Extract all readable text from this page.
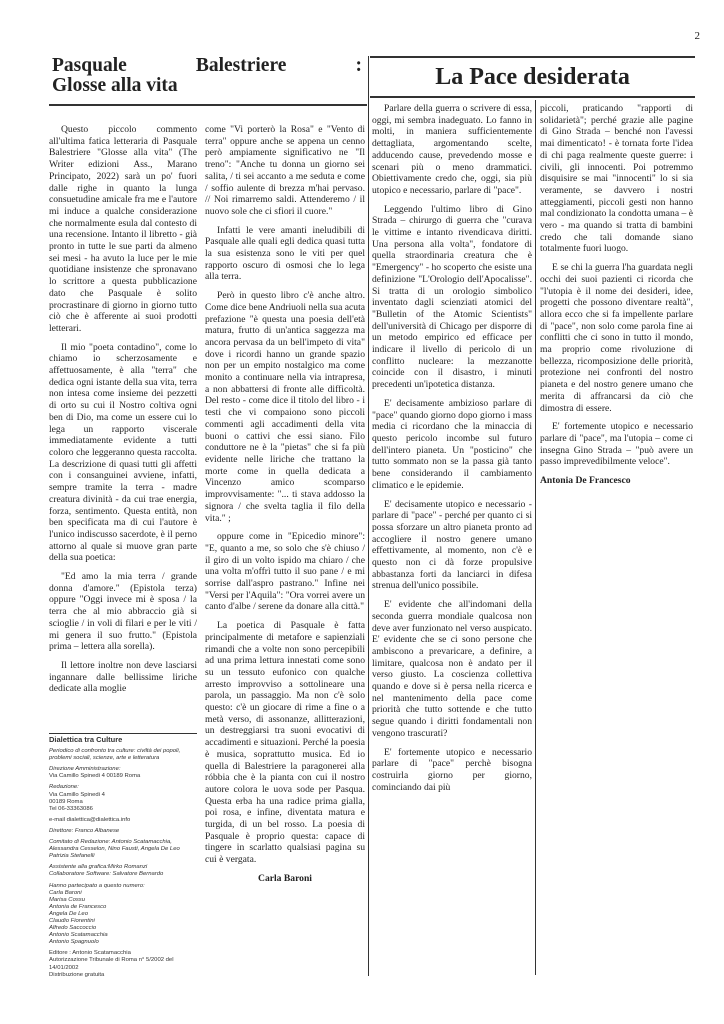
2
Pasquale	Balestriere	:
Glosse alla vita	La Pace desiderata

Questo piccolo commento all'ultima fatica letteraria di Pasquale Balestriere "Glosse alla vita" (The Writer edizioni Ass., Marano Principato, 2022) sarà un po' fuori dalle righe in quanto la lunga consuetudine amicale fra me e l'autore mi induce a qualche considerazione che normalmente esula dal contesto di una recensione. Intanto il libretto - già pronto in tutte le sue parti da almeno sei mesi - ha avuto la luce per le mie quotidiane insistenze che spronavano lo scrittore a questa pubblicazione dato che Pasquale è solito procrastinare di giorno in giorno tutto ciò che è afferente ai suoi prodotti letterari.

Il mio "poeta contadino", come lo chiamo io scherzosamente e affettuosamente, è alla "terra" che dedica ogni istante della sua vita, terra non intesa come insieme dei pezzetti di orto su cui il Nostro coltiva ogni ben di Dio, ma come un essere cui lo lega un rapporto viscerale immediatamente evidente a tutti coloro che leggeranno questa raccolta. La descrizione di quasi tutti gli affetti con i consanguinei avviene, infatti, sempre tramite la terra - madre creatura divinità - da cui trae energia, forza, sentimento. Questa entità, non ben specificata ma di cui l'autore è l'unico indiscusso sacerdote, è il perno attorno al quale si muove gran parte della sua poetica:

"Ed amo la mia terra / grande donna d'amore." (Epistola terza) oppure "Oggi invece mi è sposa / la terra che al mio abbraccio già si scioglie / in voli di filari e per le viti / mi genera il suo frutto." (Epistola prima – lettera alla sorella).

Il lettore inoltre non deve lasciarsi ingannare dalle bellissime liriche dedicate alla moglie

come "Vi porterò la Rosa" e "Vento di terra" oppure anche se appena un cenno però ampiamente significativo ne "Il treno": "Anche tu donna un giorno sei salita, / ti sei accanto a me seduta e come / soffio aulente di brezza m'hai pervaso. // Noi rimarremo saldi. Attenderemo / il nuovo sole che ci sfiori il cuore."

Infatti le vere amanti ineludibili di Pasquale alle quali egli dedica quasi tutta la sua esistenza sono le viti per quel rapporto oscuro di osmosi che lo lega alla terra.

Però in questo libro c'è anche altro. Come dice bene Andriuoli nella sua acuta prefazione "è questa una poesia dell'età matura, frutto di un'antica saggezza ma ancora pervasa da un bell'impeto di vita" dove i ricordi hanno un grande spazio non per un empito nostalgico ma come monito a continuare nella via intrapresa, a non abbattersi di fronte alle difficoltà. Del resto - come dice il titolo del libro - i testi che vi compaiono sono piccoli commenti agli accadimenti della vita buoni o cattivi che essi siano. Filo conduttore ne è la "pietas" che si fa più evidente nelle liriche che trattano la morte come in quella dedicata a Vincenzo amico scomparso improvvisamente: "... ti stava addosso la signora / che svelta taglia il filo della vita." ;

oppure come in "Epicedio minore": "E, quanto a me, so solo che s'è chiuso / il giro di un volto ispido ma chiaro / che una volta m'offrì tutto il suo pane / e mi sorrise dall'aspro pastrano." Infine nei "Versi per l'Aquila": "Ora vorrei avere un canto d'albe / serene da donare alla città."

La poetica di Pasquale è fatta principalmente di metafore e sapienziali rimandi che a volte non sono percepibili ad una prima lettura innestati come sono su un tessuto eufonico con qualche arresto improvviso a sottolineare una parola, un passaggio. Ma non c'è solo questo: c'è un giocare di rime a fine o a metà verso, di assonanze, allitterazioni, un destreggiarsi tra suoni evocativi di accadimenti e situazioni. Perché la poesia è musica, soprattutto musica. Ed io quella di Balestriere la paragonerei alla róbbia che è la pianta con cui il nostro autore colora le uova sode per Pasqua. Questa erba ha una radice prima gialla, poi rosa, e infine, diventata matura e turgida, di un bel rosso. La poesia di Pasquale è proprio questa: capace di tingere in scarlatto qualsiasi pagina su cui è vergata.

Carla Baroni

Parlare della guerra o scrivere di essa, oggi, mi sembra inadeguato. Lo fanno in molti, in maniera sufficientemente dettagliata, argomentando scelte, adducendo cause, prevedendo mosse e scenari più o meno drammatici. Obiettivamente credo che, oggi, sia più utopico e necessario, parlare di "pace".

Leggendo l'ultimo libro di Gino Strada – chirurgo di guerra che "curava le vittime e intanto rivendicava diritti. Una persona alla volta", fondatore di quella straordinaria creatura che è "Emergency" - ho scoperto che esiste una definizione "L'Orologio dell'Apocalisse". Si tratta di un orologio simbolico inventato dagli scienziati atomici del "Bulletin of the Atomic Scientists" dell'università di Chicago per disporre di un metodo empirico ed efficace per indicare il livello di pericolo di un conflitto nucleare: la mezzanotte coincide con il disastro, i minuti precedenti un'ipotetica distanza.

E' decisamente ambizioso parlare di "pace" quando giorno dopo giorno i mass media ci ricordano che la minaccia di questo pericolo incombe sul futuro dell'intero pianeta. Un "posticino" che tutto sommato non se la passa già tanto bene considerando il cambiamento climatico e le epidemie.

E' decisamente utopico e necessario - parlare di "pace" - perché per quanto ci si possa sforzare un altro pianeta pronto ad accogliere il nostro genere umano effettivamente, al momento, non c'è e questo non ci dà forze propulsive abbastanza forti da lanciarci in difesa strenua dell'unico possibile.

E' evidente che all'indomani della seconda guerra mondiale qualcosa non deve aver funzionato nel verso auspicato. E' evidente che se ci sono persone che ambiscono a prevaricare, a definire, a limitare, qualcosa non è andato per il verso giusto. La coscienza collettiva quando e dove si è persa nella ricerca e nel mantenimento della pace come priorità che tutto sottende e che tutto segue quando i diritti fondamentali non vengono trascurati?

E' fortemente utopico e necessario parlare di "pace" perchè bisogna costruirla giorno per giorno, cominciando dai più

piccoli, praticando "rapporti di solidarietà"; perché grazie alle pagine di Gino Strada – benché non l'avessi mai dimenticato! - è tornata forte l'idea di chi paga realmente queste guerre: i civili, gli innocenti. Poi potremmo disquisire se mai "innocenti" lo si sia veramente, se davvero i nostri atteggiamenti, piccoli gesti non hanno mal condizionato la condotta umana – è vero - ma quando si tratta di bambini credo che tali domande siano totalmente fuori luogo.

E se chi la guerra l'ha guardata negli occhi dei suoi pazienti ci ricorda che "l'utopia è il nome dei desideri, idee, progetti che possono diventare realtà", allora ecco che si fa impellente parlare di "pace", non solo come parola fine ai conflitti che ci sono in tutto il mondo, ma proprio come rivoluzione di bellezza, ricomposizione delle priorità, protezione nei confronti del nostro pianeta e del nostro genere umano che merita di affrancarsi da ciò che dimostra di essere.

E' fortemente utopico e necessario parlare di "pace", ma l'utopia – come ci insegna Gino Strada – "può avere un passo imprevedibilmente veloce".

Antonia De Francesco

Dialettica tra Culture
Periodico di confronto tra culture: civiltà dei popoli, problemi sociali, scienze, arte e letteratura
Direzione Amministrazione:
Via Camillo Spinedi 4 00189 Roma
Redazione:
Via Camillo Spinedi 4
00189 Roma
Tel 06-33363086
e-mail dialettica@dialettica.info
Direttore: Franco Albanese
Comitato di Redazione: Antonio Scatamacchia, Alessandra Cesselon, Nino Fausti, Angela De Leo Patrizia Stefanelli
Assistente alla grafica:Mirko Romanzi
Collaboratore Software: Salvatore Bernardo
Hanno partecipato a questo numero:
Carla Baroni
Marisa Cossu
Antonia de Francesco
Angela De Leo
Claudio Fiorentini
Alfredo Saccoccio
Antonio Scatamacchia
Antonio Spagnuolo
Editore : Antonio Scatamacchia
Autorizzazione Tribunale di Roma n° 5/2002 del 14/01/2002
Distribuzione gratuita
